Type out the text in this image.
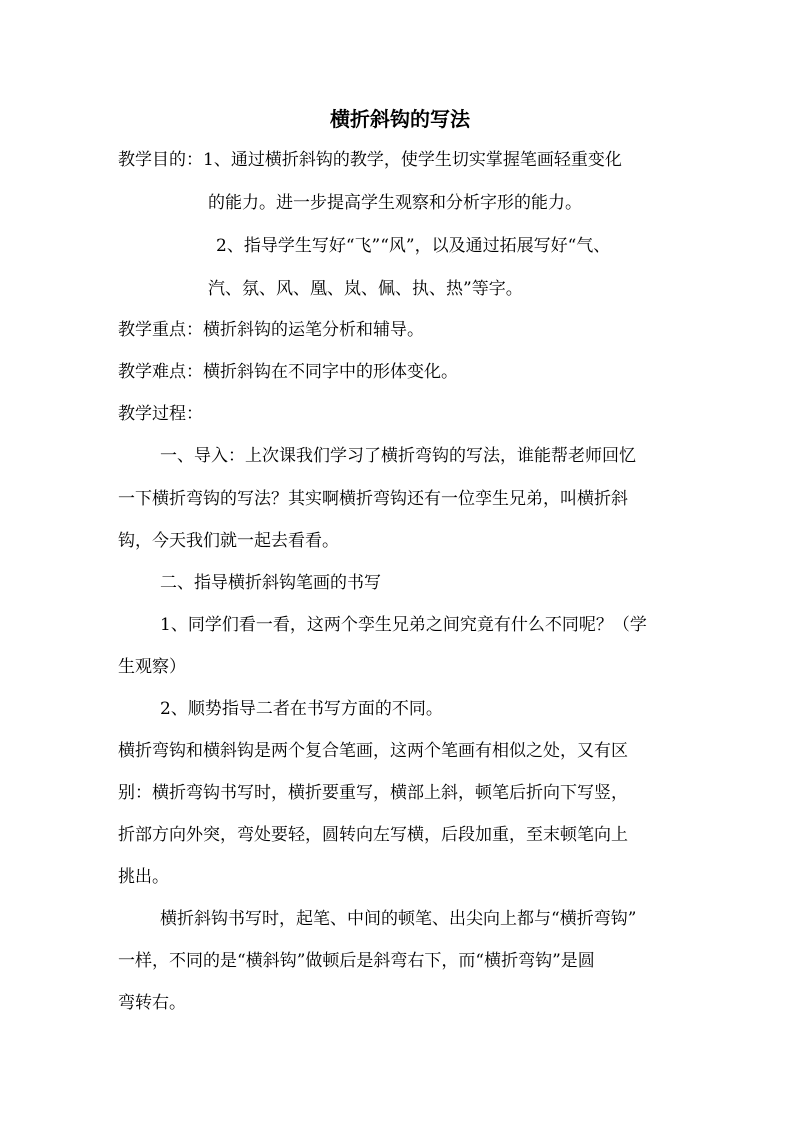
横折斜钩的写法
教学目的：1、通过横折斜钩的教学，使学生切实掌握笔画轻重变化
的能力。进一步提高学生观察和分析字形的能力。
2、指导学生写好“飞”“风”，以及通过拓展写好“气、
汽、氛、风、凰、岚、佩、执、热”等字。
教学重点：横折斜钩的运笔分析和辅导。
教学难点：横折斜钩在不同字中的形体变化。
教学过程：
一、导入：上次课我们学习了横折弯钩的写法，谁能帮老师回忆
一下横折弯钩的写法？其实啊横折弯钩还有一位孪生兄弟，叫横折斜
钩，今天我们就一起去看看。
二、指导横折斜钩笔画的书写
1、同学们看一看，这两个孪生兄弟之间究竟有什么不同呢？（学
生观察）
2、顺势指导二者在书写方面的不同。
横折弯钩和横斜钩是两个复合笔画，这两个笔画有相似之处，又有区
别：横折弯钩书写时，横折要重写，横部上斜，顿笔后折向下写竖，
折部方向外突，弯处要轻，圆转向左写横，后段加重，至末顿笔向上
挑出。
横折斜钩书写时，起笔、中间的顿笔、出尖向上都与“横折弯钩”
一样，不同的是“横斜钩”做顿后是斜弯右下，而“横折弯钩”是圆
弯转右。
